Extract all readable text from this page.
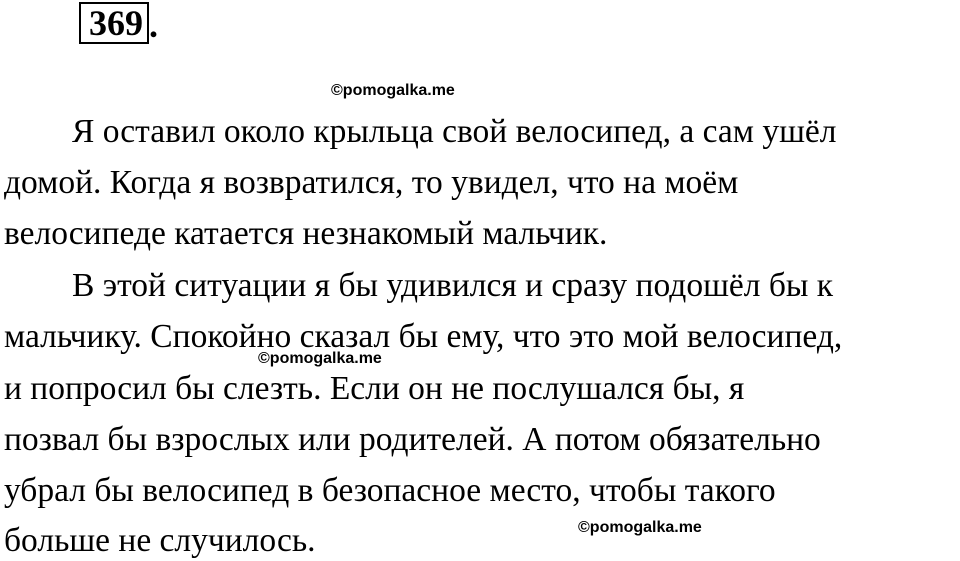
369 .
©pomogalka.me
Я оставил около крыльца свой велосипед, а сам ушёл
домой. Когда я возвратился, то увидел, что на моём
велосипеде катается незнакомый мальчик.
В этой ситуации я бы удивился и сразу подошёл бы к
мальчику. Спокойно сказал бы ему, что это мой велосипед,
и попросил бы слезть. Если он не послушался бы, я
позвал бы взрослых или родителей. А потом обязательно
убрал бы велосипед в безопасное место, чтобы такого
больше не случилось.
©pomogalka.me
©pomogalka.me
